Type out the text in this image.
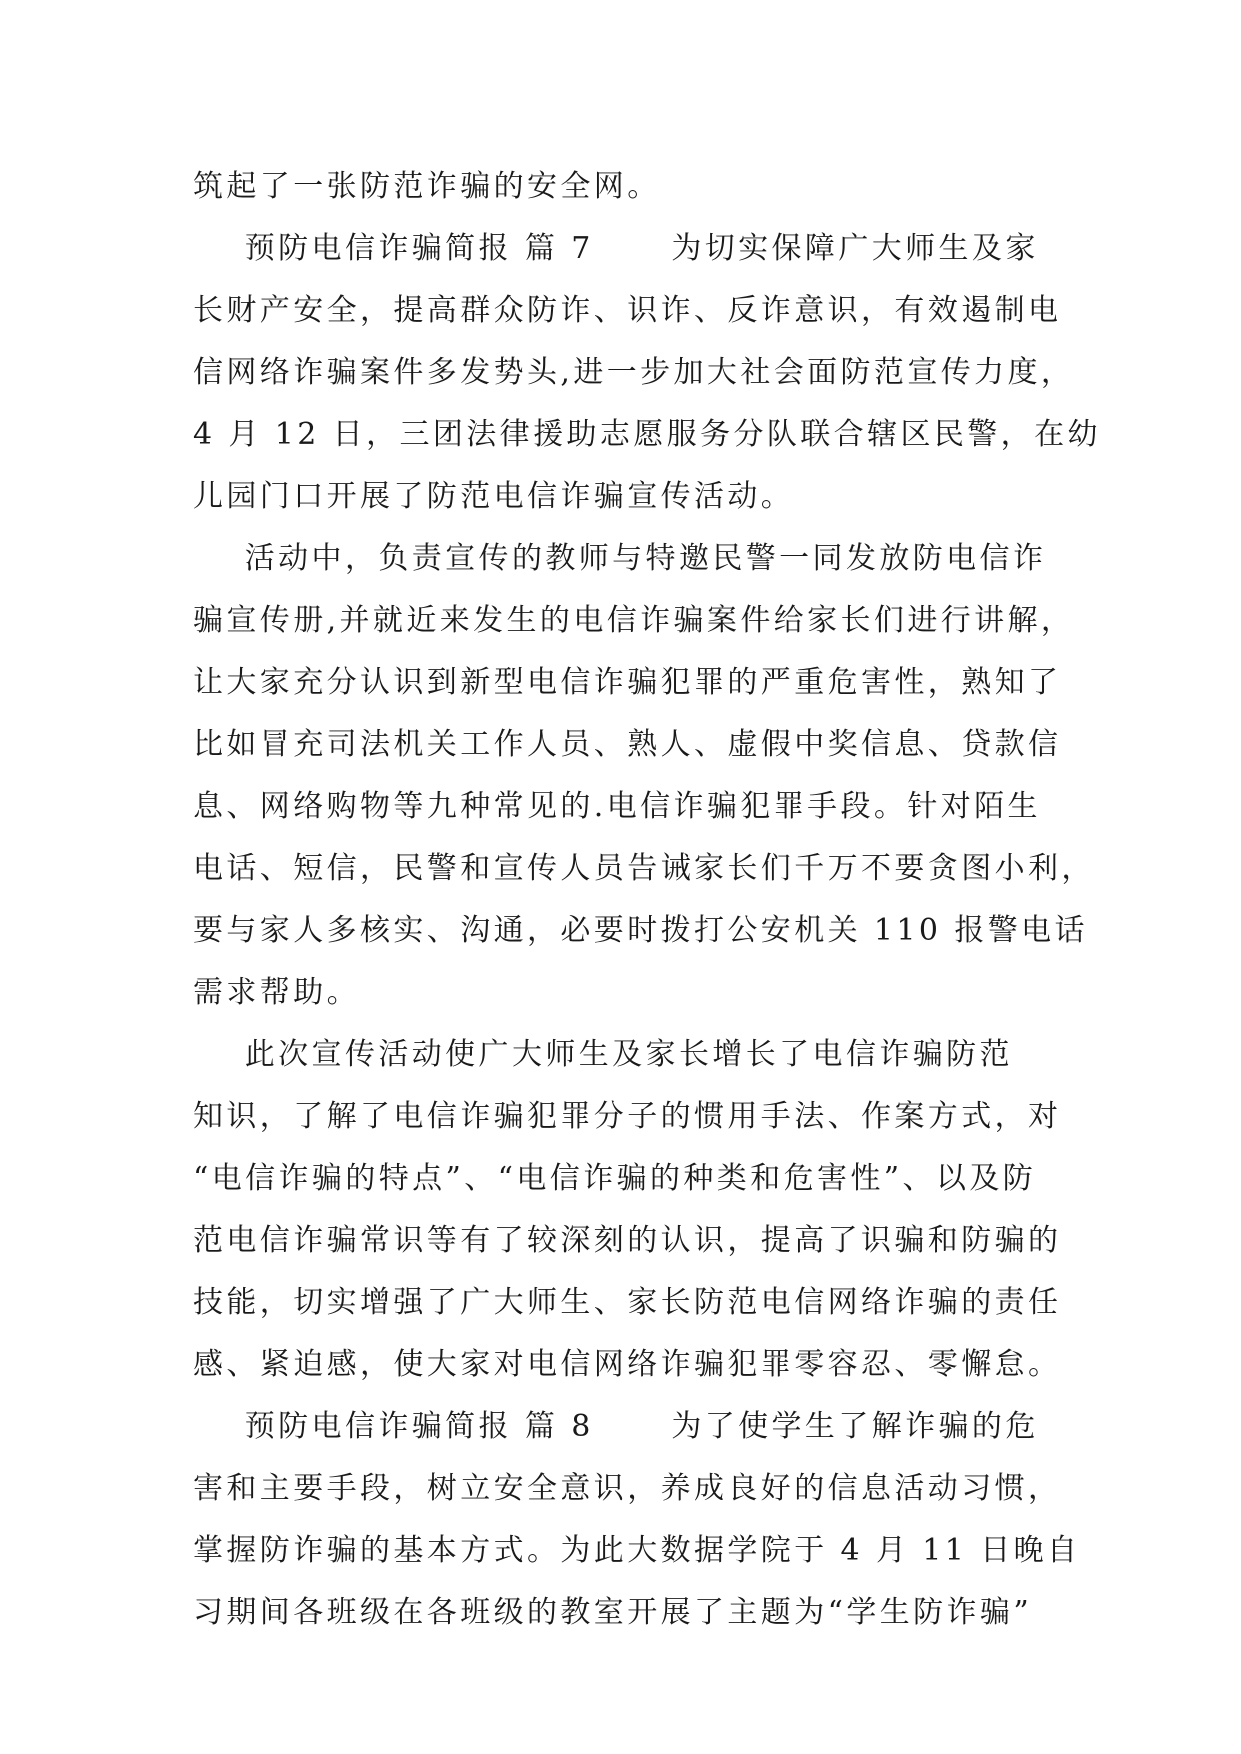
筑起了一张防范诈骗的安全网。
预防电信诈骗简报 篇 7      为切实保障广大师生及家
长财产安全，提高群众防诈、识诈、反诈意识，有效遏制电
信网络诈骗案件多发势头,进一步加大社会面防范宣传力度，
4 月 12 日，三团法律援助志愿服务分队联合辖区民警，在幼
儿园门口开展了防范电信诈骗宣传活动。
活动中，负责宣传的教师与特邀民警一同发放防电信诈
骗宣传册,并就近来发生的电信诈骗案件给家长们进行讲解，
让大家充分认识到新型电信诈骗犯罪的严重危害性，熟知了
比如冒充司法机关工作人员、熟人、虚假中奖信息、贷款信
息、网络购物等九种常见的.电信诈骗犯罪手段。针对陌生
电话、短信，民警和宣传人员告诫家长们千万不要贪图小利，
要与家人多核实、沟通，必要时拨打公安机关 110 报警电话
需求帮助。
此次宣传活动使广大师生及家长增长了电信诈骗防范
知识，了解了电信诈骗犯罪分子的惯用手法、作案方式，对
“电信诈骗的特点”、“电信诈骗的种类和危害性”、以及防
范电信诈骗常识等有了较深刻的认识，提高了识骗和防骗的
技能，切实增强了广大师生、家长防范电信网络诈骗的责任
感、紧迫感，使大家对电信网络诈骗犯罪零容忍、零懈怠。
预防电信诈骗简报 篇 8      为了使学生了解诈骗的危
害和主要手段，树立安全意识，养成良好的信息活动习惯，
掌握防诈骗的基本方式。为此大数据学院于 4 月 11 日晚自
习期间各班级在各班级的教室开展了主题为“学生防诈骗”
